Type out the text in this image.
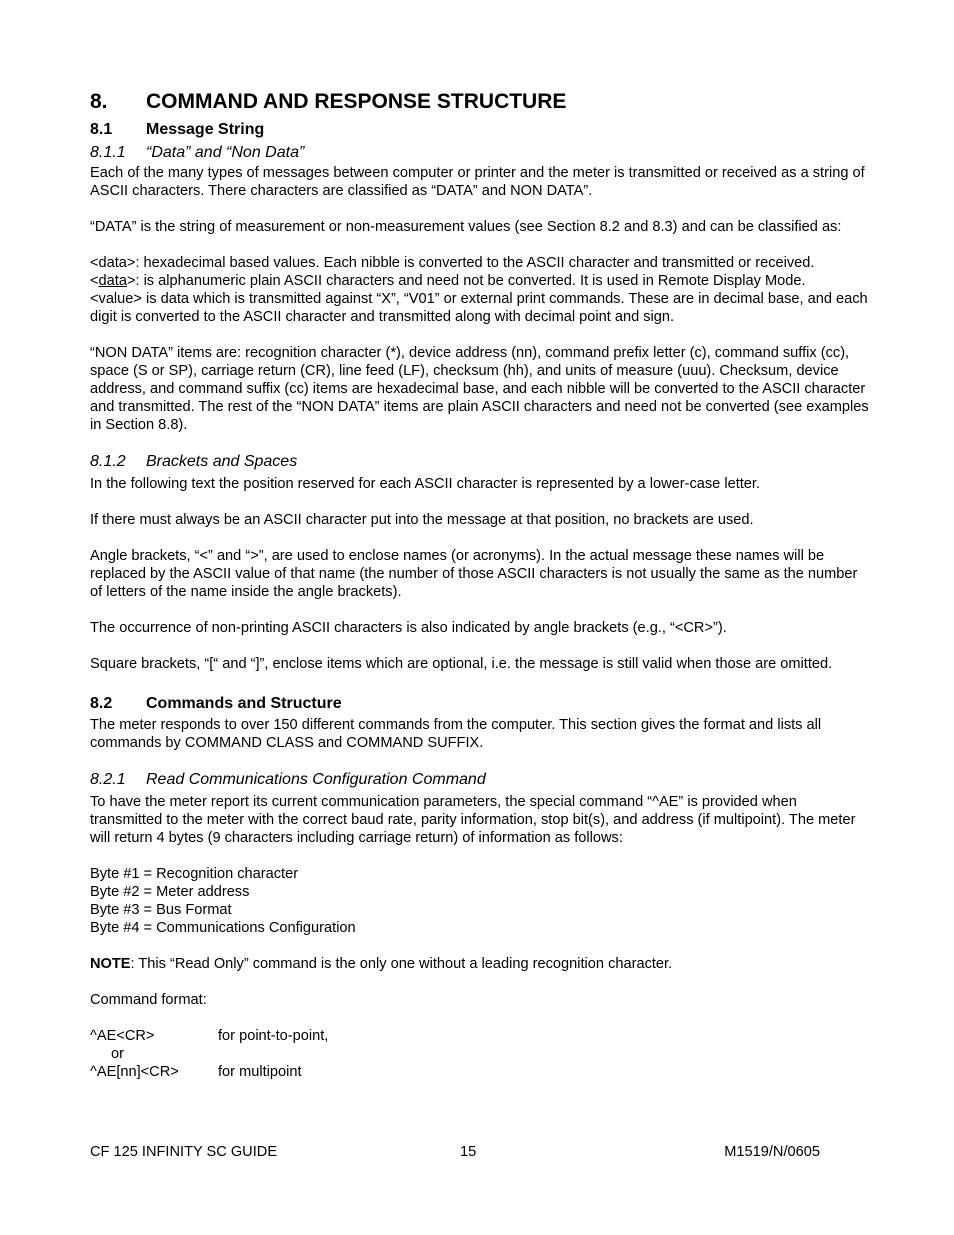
8. COMMAND AND RESPONSE STRUCTURE
8.1 Message String
8.1.1 “Data” and “Non Data”

Each of the many types of messages between computer or printer and the meter is transmitted or received as a string of ASCII characters. There characters are classified as “DATA” and NON DATA”.

“DATA” is the string of measurement or non-measurement values (see Section 8.2 and 8.3) and can be classified as:

<data>: hexadecimal based values. Each nibble is converted to the ASCII character and transmitted or received.

<data>: is alphanumeric plain ASCII characters and need not be converted. It is used in Remote Display Mode.

<value> is data which is transmitted against “X”, “V01” or external print commands. These are in decimal base, and each digit is converted to the ASCII character and transmitted along with decimal point and sign.

“NON DATA” items are: recognition character (*), device address (nn), command prefix letter (c), command suffix (cc), space (S or SP), carriage return (CR), line feed (LF), checksum (hh), and units of measure (uuu). Checksum, device address, and command suffix (cc) items are hexadecimal base, and each nibble will be converted to the ASCII character and transmitted. The rest of the “NON DATA” items are plain ASCII characters and need not be converted (see examples in Section 8.8).

8.1.2 Brackets and Spaces

In the following text the position reserved for each ASCII character is represented by a lower-case letter.

If there must always be an ASCII character put into the message at that position, no brackets are used.

Angle brackets, “<” and “>”, are used to enclose names (or acronyms). In the actual message these names will be replaced by the ASCII value of that name (the number of those ASCII characters is not usually the same as the number of letters of the name inside the angle brackets).

The occurrence of non-printing ASCII characters is also indicated by angle brackets (e.g., “<CR>”).

Square brackets, “[“ and “]”, enclose items which are optional, i.e. the message is still valid when those are omitted.

8.2 Commands and Structure

The meter responds to over 150 different commands from the computer. This section gives the format and lists all commands by COMMAND CLASS and COMMAND SUFFIX.

8.2.1 Read Communications Configuration Command

To have the meter report its current communication parameters, the special command “^AE” is provided when transmitted to the meter with the correct baud rate, parity information, stop bit(s), and address (if multipoint). The meter will return 4 bytes (9 characters including carriage return) of information as follows:

Byte #1 = Recognition character
Byte #2 = Meter address
Byte #3 = Bus Format
Byte #4 = Communications Configuration

NOTE: This “Read Only” command is the only one without a leading recognition character.

Command format:
^AE<CR>	for point-to-point,
or
^AE[nn]<CR>	for multipoint
CF 125 INFINITY SC GUIDE	15	M1519/N/0605
